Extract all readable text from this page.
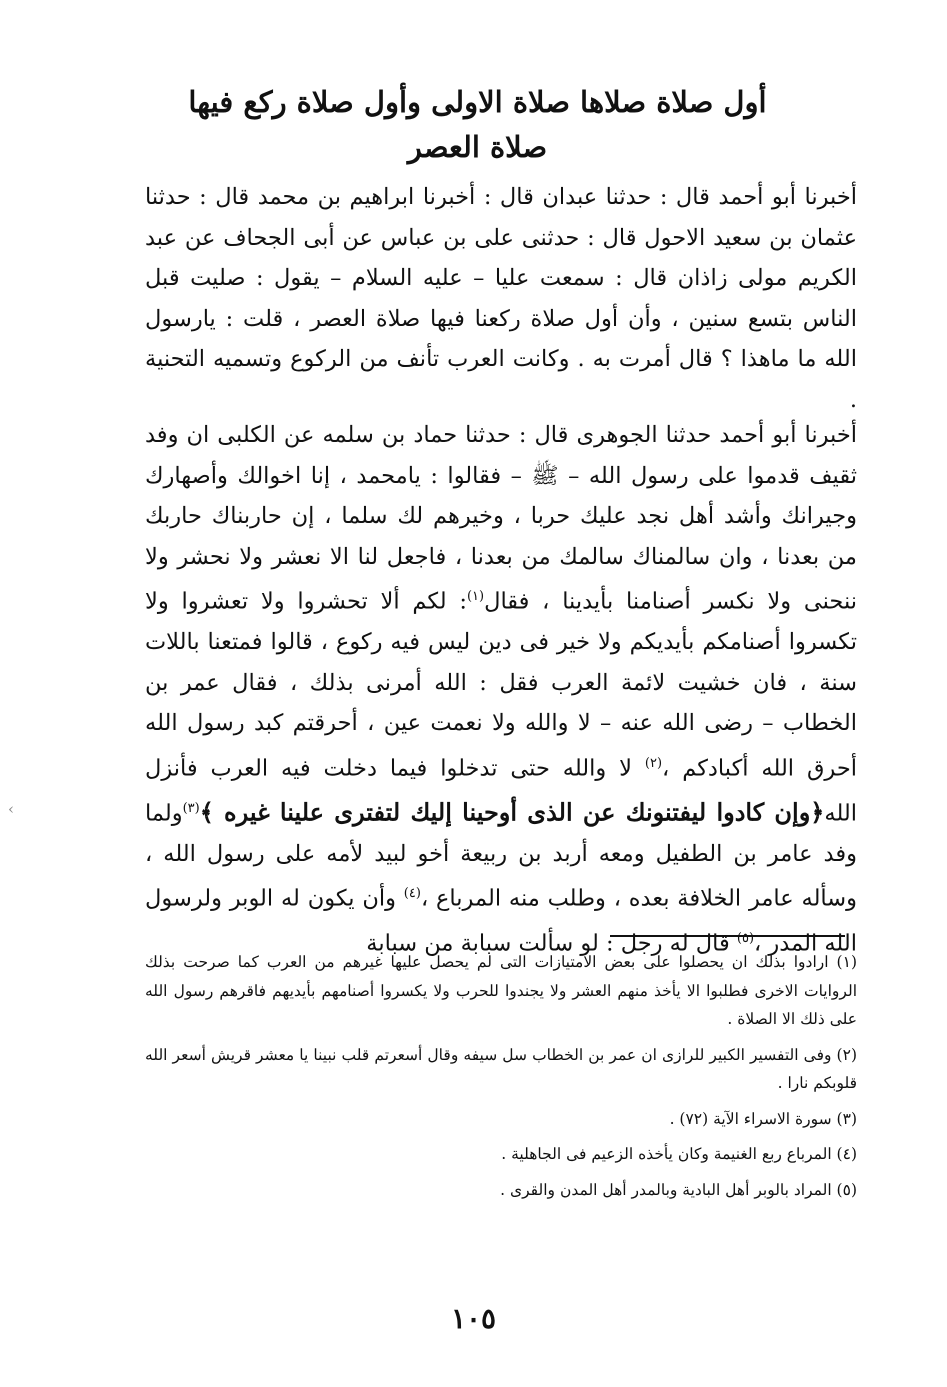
أول صلاة صلاها صلاة الاولى وأول صلاة ركع فيها
صلاة العصر

أخبرنا أبو أحمد قال : حدثنا عبدان قال : أخبرنا ابراهيم بن محمد قال : حدثنا عثمان بن سعيد الاحول قال : حدثنى على بن عباس عن أبى الجحاف عن عبد الكريم مولى زاذان قال : سمعت عليا – عليه السلام – يقول : صليت قبل الناس بتسع سنين ، وأن أول صلاة ركعنا فيها صلاة العصر ، قلت : يارسول الله ما ماهذا ؟ قال أمرت به . وكانت العرب تأنف من الركوع وتسميه التحنية .

أخبرنا أبو أحمد حدثنا الجوهرى قال : حدثنا حماد بن سلمه عن الكلبى ان وفد ثقيف قدموا على رسول الله – ﷺ – فقالوا : يامحمد ، إنا اخوالك وأصهارك وجيرانك وأشد أهل نجد عليك حربا ، وخيرهم لك سلما ، إن حاربناك حاربك من بعدنا ، وان سالمناك سالمك من بعدنا ، فاجعل لنا الا نعشر ولا نحشر ولا ننحنى ولا نكسر أصنامنا بأيدينا ، فقال$^{(١)}$: لكم ألا تحشروا ولا تعشروا ولا تكسروا أصنامكم بأيديكم ولا خير فى دين ليس فيه ركوع ، قالوا فمتعنا باللات سنة ، فان خشيت لائمة العرب فقل : الله أمرنى بذلك ، فقال عمر بن الخطاب – رضى الله عنه – لا والله ولا نعمت عين ، أحرقتم كبد رسول الله أحرق الله أكبادكم ،$^{(٢)}$ لا والله حتى تدخلوا فيما دخلت فيه العرب فأنزل الله﴿وإن كادوا ليفتنونك عن الذى أوحينا إليك لتفترى علينا غيره ﴾$^{(٣)}$ولما وفد عامر بن الطفيل ومعه أربد بن ربيعة أخو لبيد لأمه على رسول الله ، وسأله عامر الخلافة بعده ، وطلب منه المرباع ،$^{(٤)}$ وأن يكون له الوبر ولرسول الله المدر ،$^{(٥)}$ قال له رجل : لو سألت سبابة من سبابة

(١) ارادوا بذلك ان يحصلوا على بعض الامتيازات التى لم يحصل عليها غيرهم من العرب كما صرحت بذلك الروايات الاخرى فطلبوا الا يأخذ منهم العشر ولا يجندوا للحرب ولا يكسروا أصنامهم بأيديهم فاقرهم رسول الله على ذلك الا الصلاة .

(٢) وفى التفسير الكبير للرازى ان عمر بن الخطاب سل سيفه وقال أسعرتم قلب نبينا يا معشر قريش أسعر الله قلوبكم نارا .

(٣) سورة الاسراء الآية (٧٢) .

(٤) المرباع ربع الغنيمة وكان يأخذه الزعيم فى الجاهلية .

(٥) المراد بالوبر أهل البادية وبالمدر أهل المدن والقرى .

١٠٥
‹
